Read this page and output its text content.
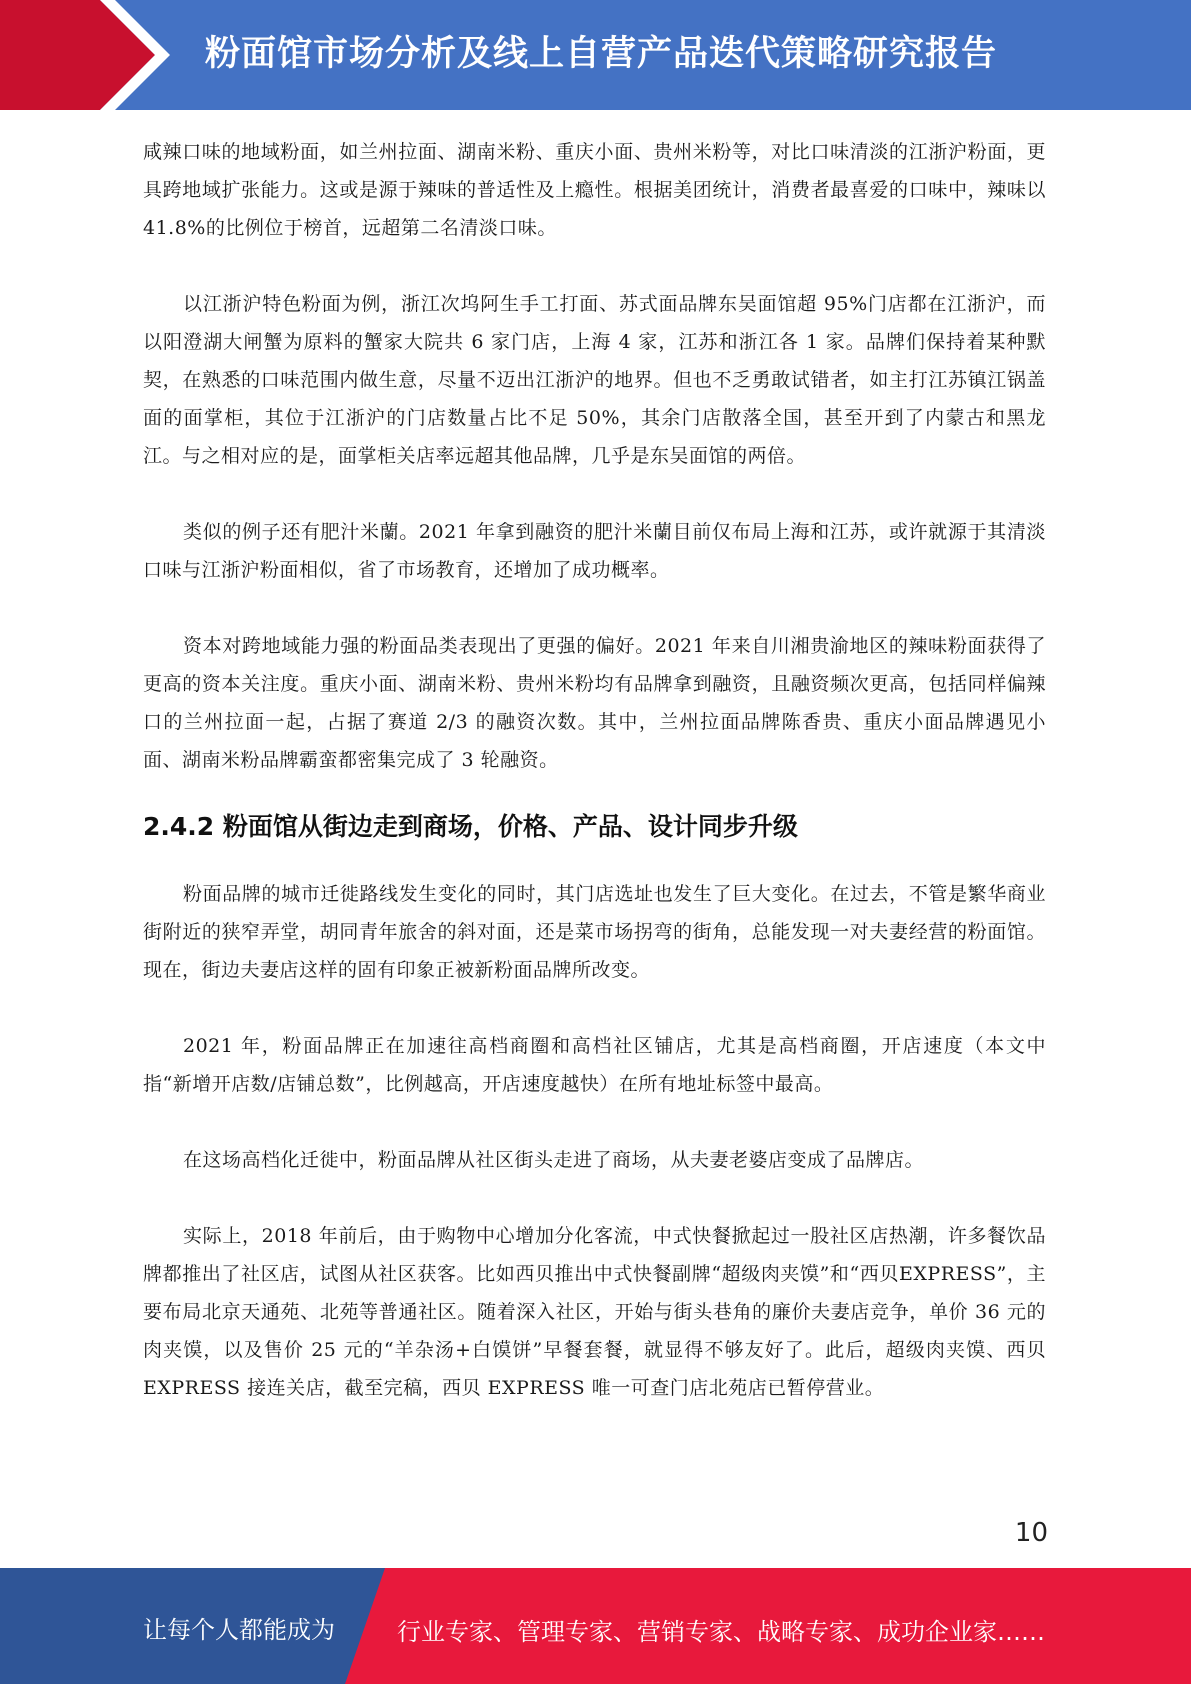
粉面馆市场分析及线上自营产品迭代策略研究报告

咸辣口味的地域粉面，如兰州拉面、湖南米粉、重庆小面、贵州米粉等，对比口味清淡的江浙沪粉面，更具跨地域扩张能力。这或是源于辣味的普适性及上瘾性。根据美团统计，消费者最喜爱的口味中，辣味以 41.8%的比例位于榜首，远超第二名清淡口味。

以江浙沪特色粉面为例，浙江次坞阿生手工打面、苏式面品牌东吴面馆超 95%门店都在江浙沪，而以阳澄湖大闸蟹为原料的蟹家大院共 6 家门店，上海 4 家，江苏和浙江各 1 家。品牌们保持着某种默契，在熟悉的口味范围内做生意，尽量不迈出江浙沪的地界。但也不乏勇敢试错者，如主打江苏镇江锅盖面的面掌柜，其位于江浙沪的门店数量占比不足 50%，其余门店散落全国，甚至开到了内蒙古和黑龙江。与之相对应的是，面掌柜关店率远超其他品牌，几乎是东吴面馆的两倍。

类似的例子还有肥汁米蘭。2021 年拿到融资的肥汁米蘭目前仅布局上海和江苏，或许就源于其清淡口味与江浙沪粉面相似，省了市场教育，还增加了成功概率。

资本对跨地域能力强的粉面品类表现出了更强的偏好。2021 年来自川湘贵渝地区的辣味粉面获得了更高的资本关注度。重庆小面、湖南米粉、贵州米粉均有品牌拿到融资，且融资频次更高，包括同样偏辣口的兰州拉面一起，占据了赛道 2/3 的融资次数。其中，兰州拉面品牌陈香贵、重庆小面品牌遇见小面、湖南米粉品牌霸蛮都密集完成了 3 轮融资。

2.4.2 粉面馆从街边走到商场，价格、产品、设计同步升级

粉面品牌的城市迁徙路线发生变化的同时，其门店选址也发生了巨大变化。在过去，不管是繁华商业街附近的狭窄弄堂，胡同青年旅舍的斜对面，还是菜市场拐弯的街角，总能发现一对夫妻经营的粉面馆。现在，街边夫妻店这样的固有印象正被新粉面品牌所改变。

2021 年，粉面品牌正在加速往高档商圈和高档社区铺店，尤其是高档商圈，开店速度（本文中指“新增开店数/店铺总数”，比例越高，开店速度越快）在所有地址标签中最高。

在这场高档化迁徙中，粉面品牌从社区街头走进了商场，从夫妻老婆店变成了品牌店。

实际上，2018 年前后，由于购物中心增加分化客流，中式快餐掀起过一股社区店热潮，许多餐饮品牌都推出了社区店，试图从社区获客。比如西贝推出中式快餐副牌“超级肉夹馍”和“西贝EXPRESS”，主要布局北京天通苑、北苑等普通社区。随着深入社区，开始与街头巷角的廉价夫妻店竞争，单价 36 元的肉夹馍，以及售价 25 元的“羊杂汤+白馍饼”早餐套餐，就显得不够友好了。此后，超级肉夹馍、西贝 EXPRESS 接连关店，截至完稿，西贝 EXPRESS 唯一可查门店北苑店已暂停营业。

10
让每个人都能成为	行业专家、管理专家、营销专家、战略专家、成功企业家……
